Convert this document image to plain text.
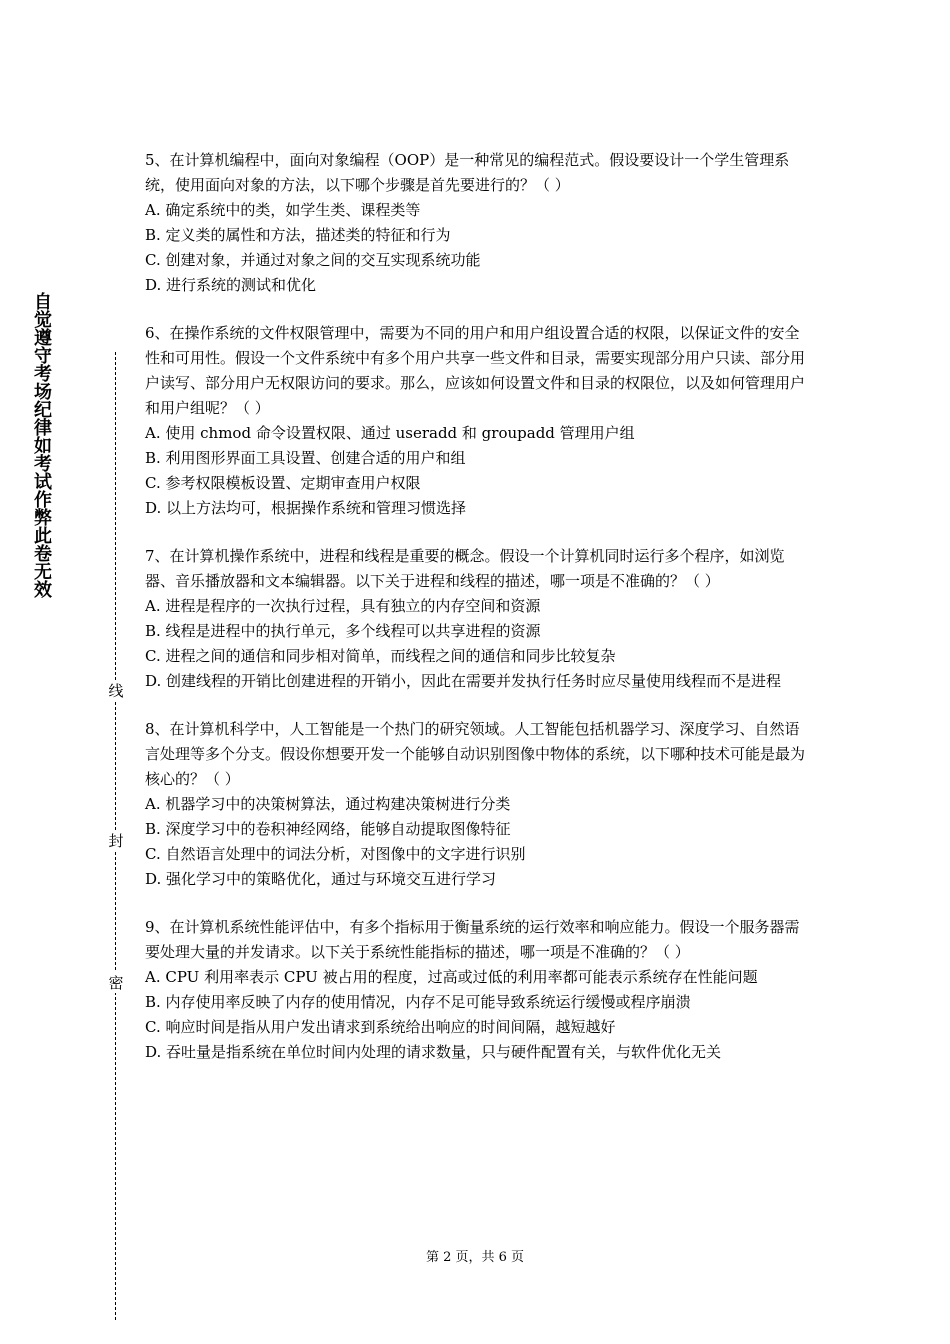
自觉遵守考场纪律如考试作弊此卷无效
线
封
密
5、在计算机编程中，面向对象编程（OOP）是一种常见的编程范式。假设要设计一个学生管理系统，使用面向对象的方法，以下哪个步骤是首先要进行的？（ ）
A. 确定系统中的类，如学生类、课程类等
B. 定义类的属性和方法，描述类的特征和行为
C. 创建对象，并通过对象之间的交互实现系统功能
D. 进行系统的测试和优化
6、在操作系统的文件权限管理中，需要为不同的用户和用户组设置合适的权限，以保证文件的安全性和可用性。假设一个文件系统中有多个用户共享一些文件和目录，需要实现部分用户只读、部分用户读写、部分用户无权限访问的要求。那么，应该如何设置文件和目录的权限位，以及如何管理用户和用户组呢？（ ）
A. 使用 chmod 命令设置权限、通过 useradd 和 groupadd 管理用户组
B. 利用图形界面工具设置、创建合适的用户和组
C. 参考权限模板设置、定期审查用户权限
D. 以上方法均可，根据操作系统和管理习惯选择
7、在计算机操作系统中，进程和线程是重要的概念。假设一个计算机同时运行多个程序，如浏览器、音乐播放器和文本编辑器。以下关于进程和线程的描述，哪一项是不准确的？（ ）
A. 进程是程序的一次执行过程，具有独立的内存空间和资源
B. 线程是进程中的执行单元，多个线程可以共享进程的资源
C. 进程之间的通信和同步相对简单，而线程之间的通信和同步比较复杂
D. 创建线程的开销比创建进程的开销小，因此在需要并发执行任务时应尽量使用线程而不是进程
8、在计算机科学中，人工智能是一个热门的研究领域。人工智能包括机器学习、深度学习、自然语言处理等多个分支。假设你想要开发一个能够自动识别图像中物体的系统，以下哪种技术可能是最为核心的？（ ）
A. 机器学习中的决策树算法，通过构建决策树进行分类
B. 深度学习中的卷积神经网络，能够自动提取图像特征
C. 自然语言处理中的词法分析，对图像中的文字进行识别
D. 强化学习中的策略优化，通过与环境交互进行学习
9、在计算机系统性能评估中，有多个指标用于衡量系统的运行效率和响应能力。假设一个服务器需要处理大量的并发请求。以下关于系统性能指标的描述，哪一项是不准确的？（ ）
A. CPU 利用率表示 CPU 被占用的程度，过高或过低的利用率都可能表示系统存在性能问题
B. 内存使用率反映了内存的使用情况，内存不足可能导致系统运行缓慢或程序崩溃
C. 响应时间是指从用户发出请求到系统给出响应的时间间隔，越短越好
D. 吞吐量是指系统在单位时间内处理的请求数量，只与硬件配置有关，与软件优化无关
第 2 页，共 6 页
